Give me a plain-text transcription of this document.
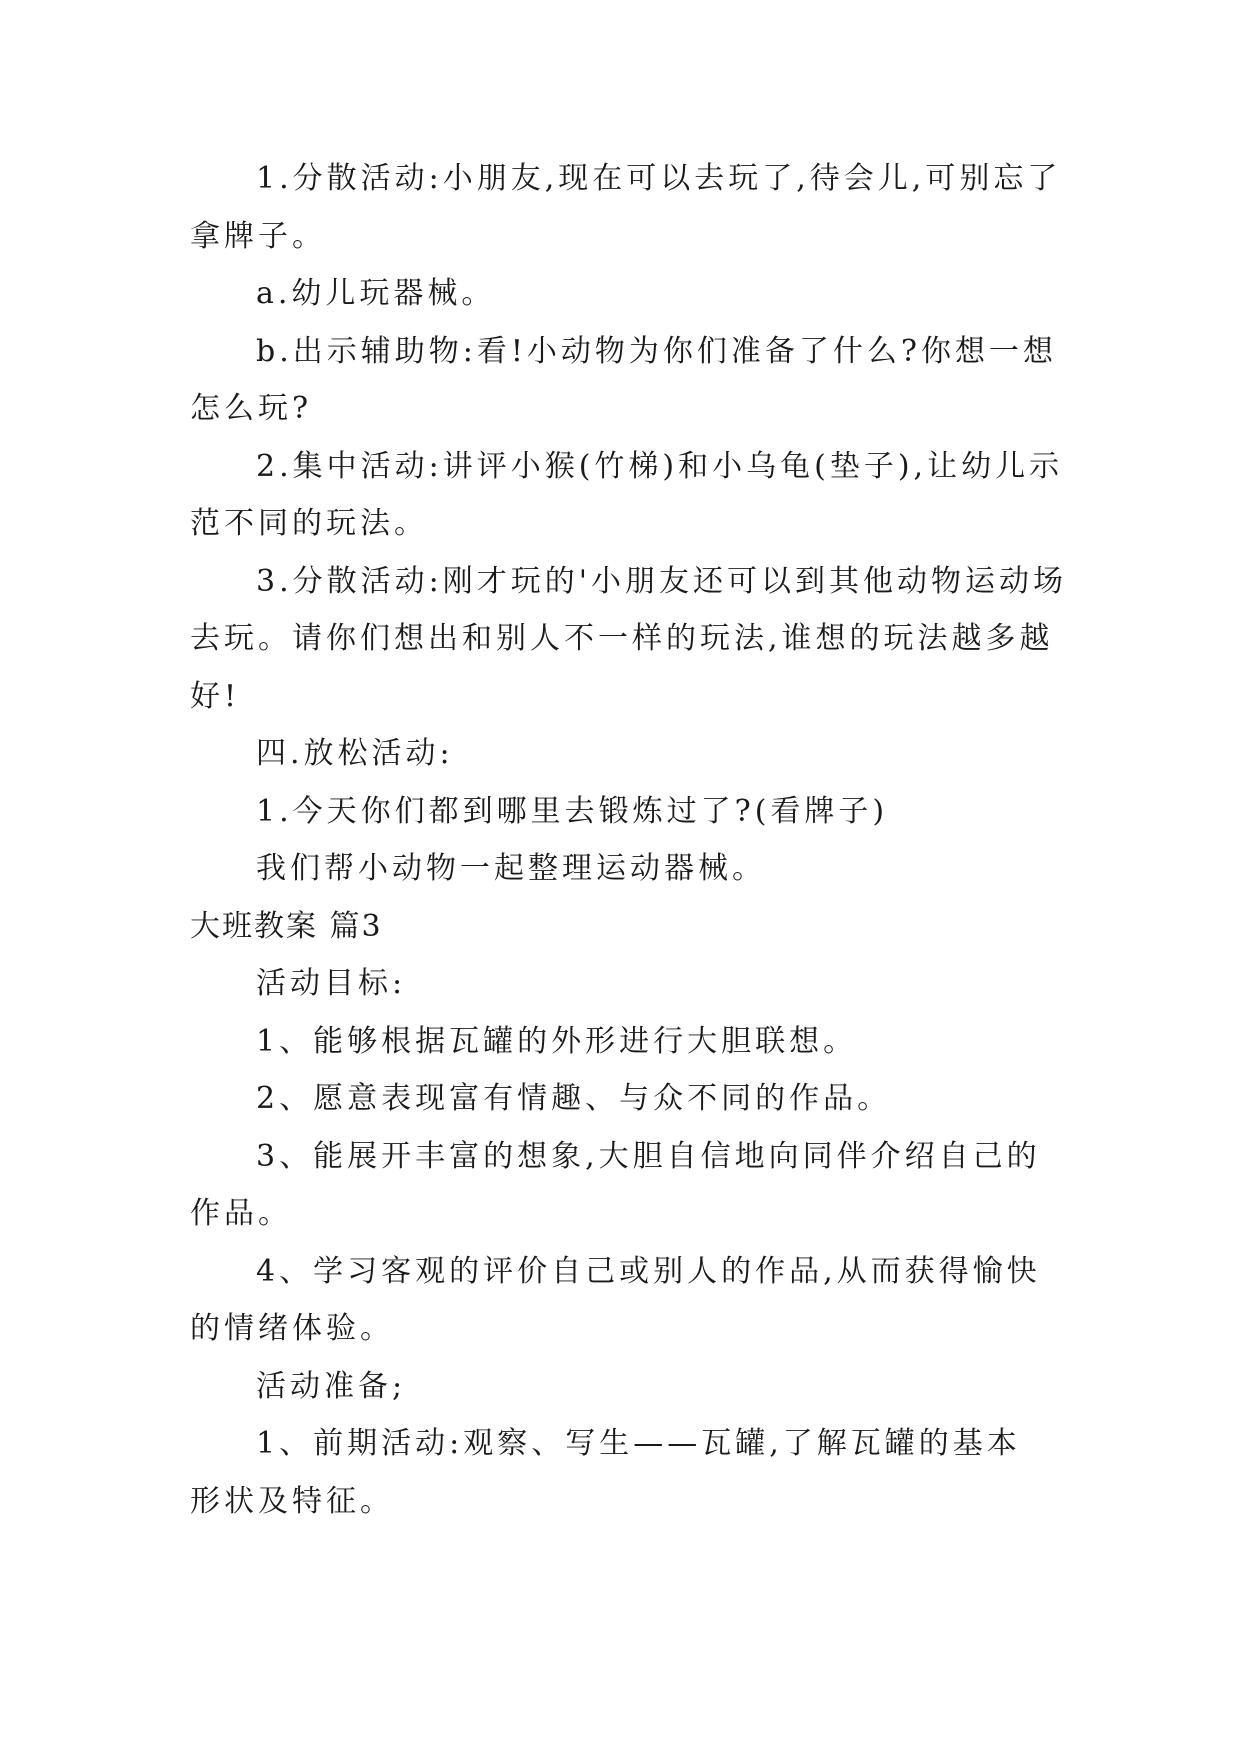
1.分散活动:小朋友,现在可以去玩了,待会儿,可别忘了
拿牌子。
a.幼儿玩器械。
b.出示辅助物:看!小动物为你们准备了什么?你想一想
怎么玩?
2.集中活动:讲评小猴(竹梯)和小乌龟(垫子),让幼儿示
范不同的玩法。
3.分散活动:刚才玩的'小朋友还可以到其他动物运动场
去玩。请你们想出和别人不一样的玩法,谁想的玩法越多越
好!
四.放松活动:
1.今天你们都到哪里去锻炼过了?(看牌子)
我们帮小动物一起整理运动器械。
大班教案 篇3
活动目标:
1、能够根据瓦罐的外形进行大胆联想。
2、愿意表现富有情趣、与众不同的作品。
3、能展开丰富的想象,大胆自信地向同伴介绍自己的
作品。
4、学习客观的评价自己或别人的作品,从而获得愉快
的情绪体验。
活动准备;
1、前期活动:观察、写生——瓦罐,了解瓦罐的基本
形状及特征。
